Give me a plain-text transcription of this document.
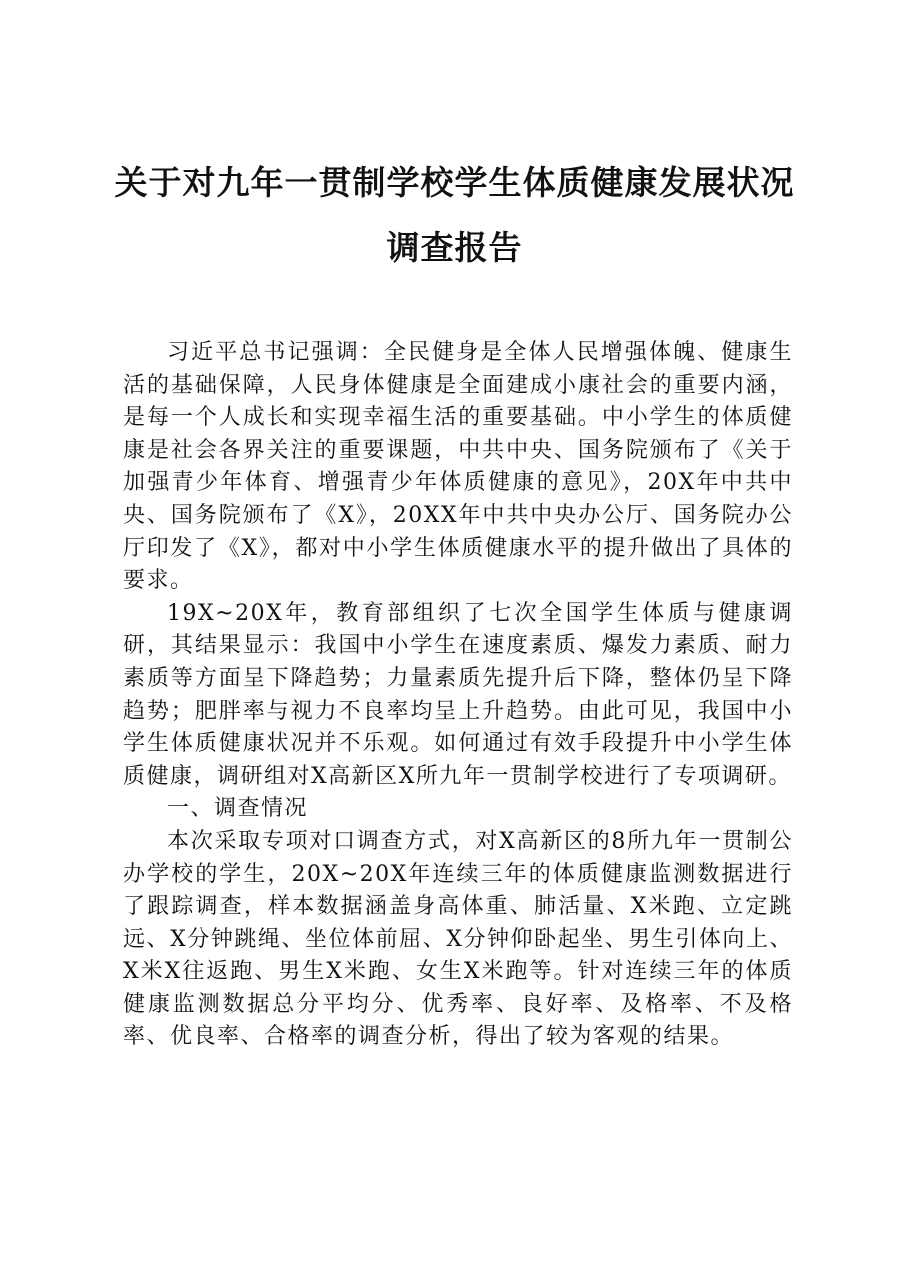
关于对九年一贯制学校学生体质健康发展状况
调查报告

习近平总书记强调：全民健身是全体人民增强体魄、健康生活的基础保障，人民身体健康是全面建成小康社会的重要内涵，是每一个人成长和实现幸福生活的重要基础。中小学生的体质健康是社会各界关注的重要课题，中共中央、国务院颁布了《关于加强青少年体育、增强青少年体质健康的意见》，20X年中共中央、国务院颁布了《X》，20XX年中共中央办公厅、国务院办公厅印发了《X》，都对中小学生体质健康水平的提升做出了具体的要求。

19X~20X年，教育部组织了七次全国学生体质与健康调研，其结果显示：我国中小学生在速度素质、爆发力素质、耐力素质等方面呈下降趋势；力量素质先提升后下降，整体仍呈下降趋势；肥胖率与视力不良率均呈上升趋势。由此可见，我国中小学生体质健康状况并不乐观。如何通过有效手段提升中小学生体质健康，调研组对X高新区X所九年一贯制学校进行了专项调研。

一、调查情况

本次采取专项对口调查方式，对X高新区的8所九年一贯制公办学校的学生，20X~20X年连续三年的体质健康监测数据进行了跟踪调查，样本数据涵盖身高体重、肺活量、X米跑、立定跳远、X分钟跳绳、坐位体前屈、X分钟仰卧起坐、男生引体向上、X米X往返跑、男生X米跑、女生X米跑等。针对连续三年的体质健康监测数据总分平均分、优秀率、良好率、及格率、不及格率、优良率、合格率的调查分析，得出了较为客观的结果。
